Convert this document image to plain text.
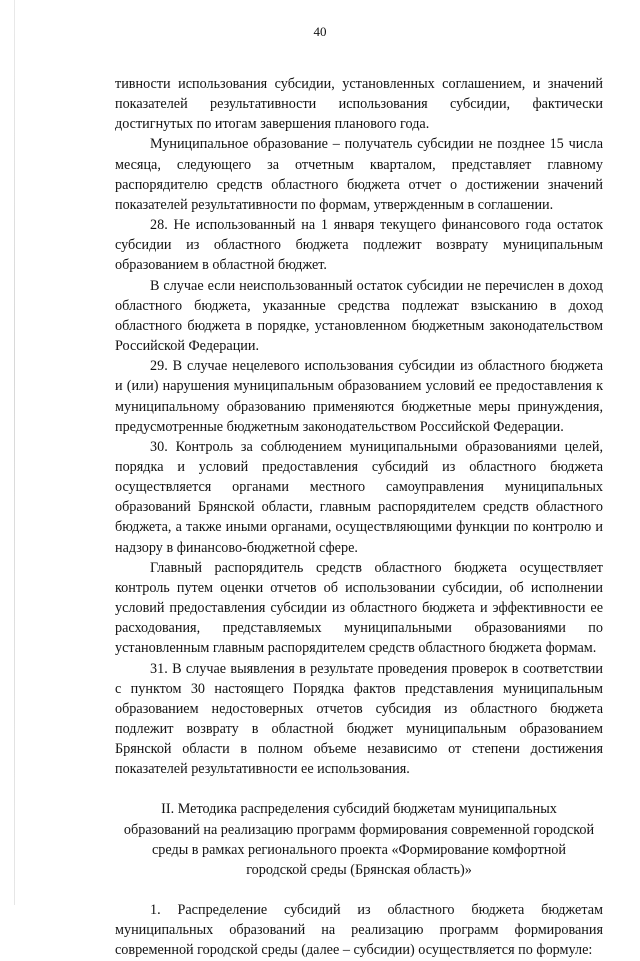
40

тивности использования субсидии, установленных соглашением, и значений показателей результативности использования субсидии, фактически достигнутых по итогам завершения планового года.

Муниципальное образование – получатель субсидии не позднее 15 числа месяца, следующего за отчетным кварталом, представляет главному распорядителю средств областного бюджета отчет о достижении значений показателей результативности по формам, утвержденным в соглашении.

28. Не использованный на 1 января текущего финансового года остаток субсидии из областного бюджета подлежит возврату муниципальным образованием в областной бюджет.

В случае если неиспользованный остаток субсидии не перечислен в доход областного бюджета, указанные средства подлежат взысканию в доход областного бюджета в порядке, установленном бюджетным законодательством Российской Федерации.

29. В случае нецелевого использования субсидии из областного бюджета и (или) нарушения муниципальным образованием условий ее предоставления к муниципальному образованию применяются бюджетные меры принуждения, предусмотренные бюджетным законодательством Российской Федерации.

30. Контроль за соблюдением муниципальными образованиями целей, порядка и условий предоставления субсидий из областного бюджета осуществляется органами местного самоуправления муниципальных образований Брянской области, главным распорядителем средств областного бюджета, а также иными органами, осуществляющими функции по контролю и надзору в финансово-бюджетной сфере.

Главный распорядитель средств областного бюджета осуществляет контроль путем оценки отчетов об использовании субсидии, об исполнении условий предоставления субсидии из областного бюджета и эффективности ее расходования, представляемых муниципальными образованиями по установленным главным распорядителем средств областного бюджета формам.

31. В случае выявления в результате проведения проверок в соответствии с пунктом 30 настоящего Порядка фактов представления муниципальным образованием недостоверных отчетов субсидия из областного бюджета подлежит возврату в областной бюджет муниципальным образованием Брянской области в полном объеме независимо от степени достижения показателей результативности ее использования.

II. Методика распределения субсидий бюджетам муниципальных

образований на реализацию программ формирования современной городской

среды в рамках регионального проекта «Формирование комфортной

городской среды (Брянская область)»

1. Распределение субсидий из областного бюджета бюджетам муниципальных образований на реализацию программ формирования современной городской среды (далее – субсидии) осуществляется по формуле:
